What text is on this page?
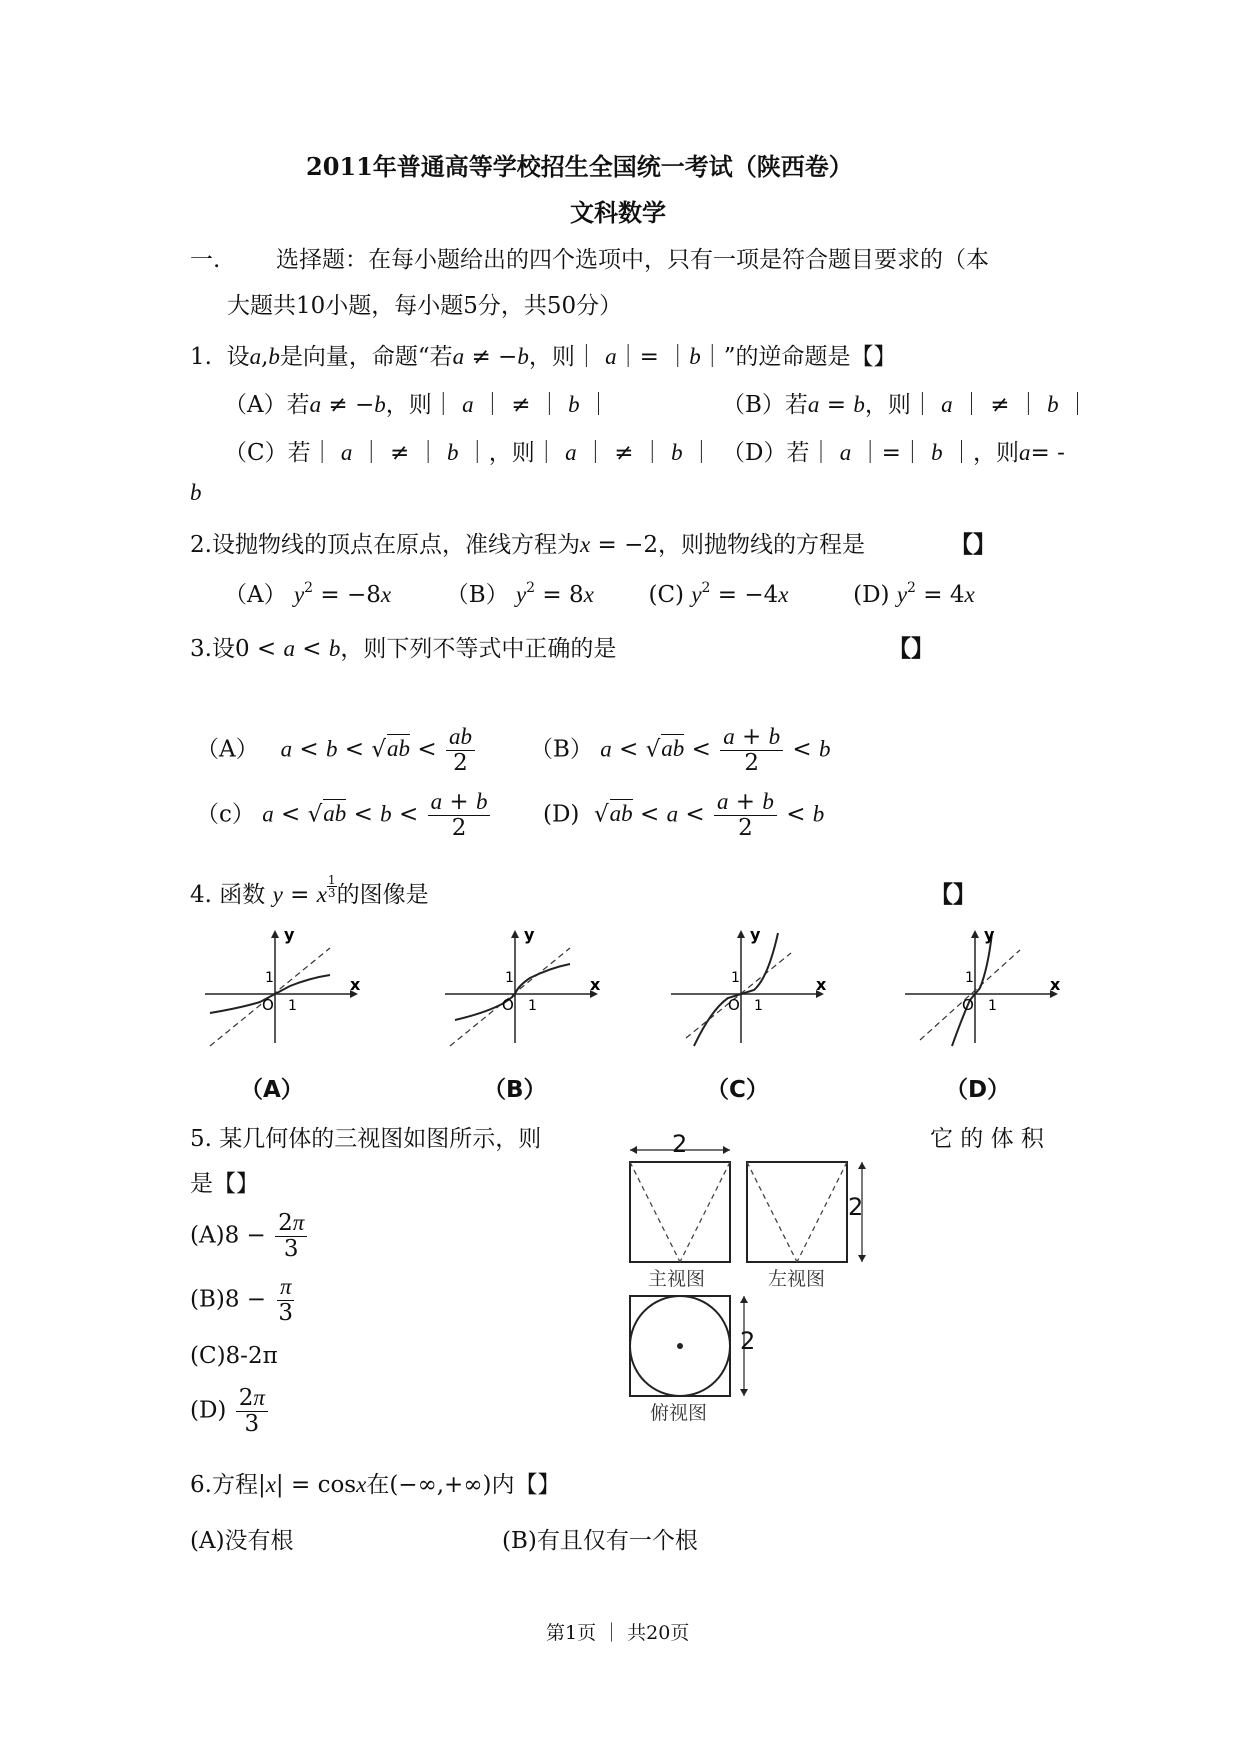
2011年普通高等学校招生全国统一考试（陕西卷）
文科数学
一. 选择题：在每小题给出的四个选项中，只有一项是符合题目要求的（本
大题共10小题，每小题5分，共50分）
1. 设a,b是向量，命题“若a ≠ −b，则｜ a｜= ｜b｜”的逆命题是【】
（A）若a ≠ −b，则｜ a ｜ ≠ ｜ b ｜	（B）若a = b，则｜ a ｜ ≠ ｜ b ｜
（C）若｜ a ｜ ≠ ｜ b ｜，则｜ a ｜ ≠ ｜ b ｜ （D）若｜ a ｜=｜ b ｜，则a= -
b
2.设抛物线的顶点在原点，准线方程为x = −2，则抛物线的方程是	【】
（A） $y^2 = -8x$ （B） $y^2 = 8x$ (C) $y^2 = -4x$	(D) $y^2 = 4x$
3.设0 < a < b，则下列不等式中正确的是	【】
（A） $a < b < √ab < \frac{ab}{2} (B) a < √ab < \frac{a + b}{2} < b$
（c） $a < √ab < b < \frac{a + b}{2} (D) √ab < a < \frac{a + b}{2} < b$
4. 函数 y = x $\frac{1}{3}$ 的图像是	【】
y
x
O 1
1
y
x
O 1
1
y
x
O 1
1
y
x
O 1
1
（A）	（B）	（C）	（D）
5. 某几何体的三视图如图所示，则	它 的 体 积
是【】
$(A)8 - \frac{2\pi}{3}$
$(B)8 - \frac{\pi}{3}$
(C)8-2π
$(D) \frac{2\pi}{3}$
2
2
2
主视图	左视图
俯视图
6.方程|x| = cosx在(−∞,+∞)内【】
(A)没有根	(B)有且仅有一个根
第1页 ｜ 共20页
